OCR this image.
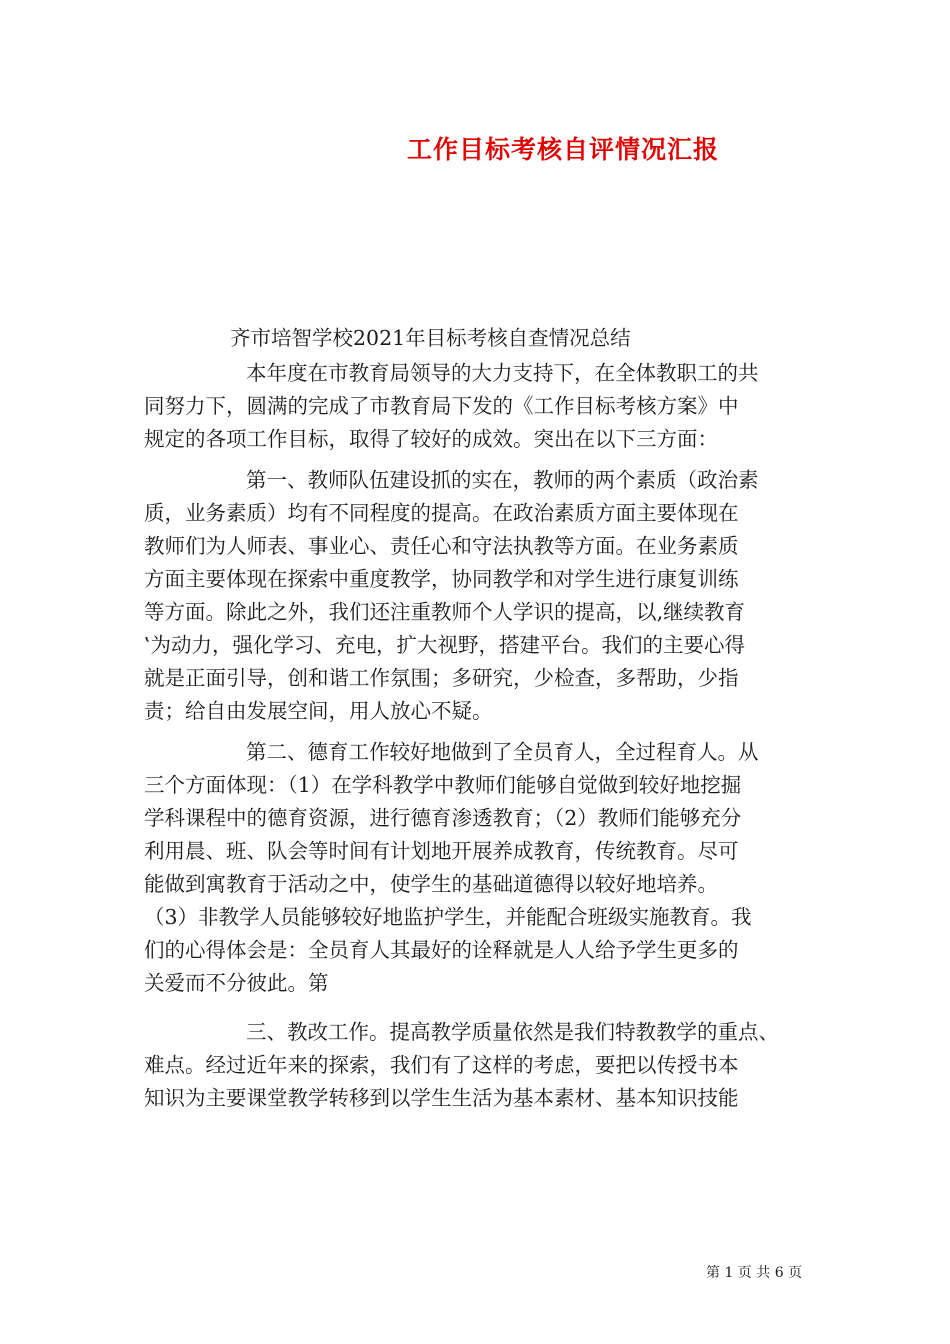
工作目标考核自评情况汇报

齐市培智学校2021年目标考核自查情况总结

本年度在市教育局领导的大力支持下，在全体教职工的共

同努力下，圆满的完成了市教育局下发的《工作目标考核方案》中

规定的各项工作目标，取得了较好的成效。突出在以下三方面：

第一、教师队伍建设抓的实在，教师的两个素质（政治素

质，业务素质）均有不同程度的提高。在政治素质方面主要体现在

教师们为人师表、事业心、责任心和守法执教等方面。在业务素质

方面主要体现在探索中重度教学，协同教学和对学生进行康复训练

等方面。除此之外，我们还注重教师个人学识的提高，以‚继续教育

‛为动力，强化学习、充电，扩大视野，搭建平台。我们的主要心得

就是正面引导，创和谐工作氛围；多研究，少检查，多帮助，少指

责；给自由发展空间，用人放心不疑。

第二、德育工作较好地做到了全员育人，全过程育人。从

三个方面体现：（1）在学科教学中教师们能够自觉做到较好地挖掘

学科课程中的德育资源，进行德育渗透教育；（2）教师们能够充分

利用晨、班、队会等时间有计划地开展养成教育，传统教育。尽可

能做到寓教育于活动之中，使学生的基础道德得以较好地培养。

（3）非教学人员能够较好地监护学生，并能配合班级实施教育。我

们的心得体会是：全员育人其最好的诠释就是人人给予学生更多的

关爱而不分彼此。第

三、教改工作。提高教学质量依然是我们特教教学的重点、

难点。经过近年来的探索，我们有了这样的考虑，要把以传授书本

知识为主要课堂教学转移到以学生生活为基本素材、基本知识技能

第 1 页 共 6 页
